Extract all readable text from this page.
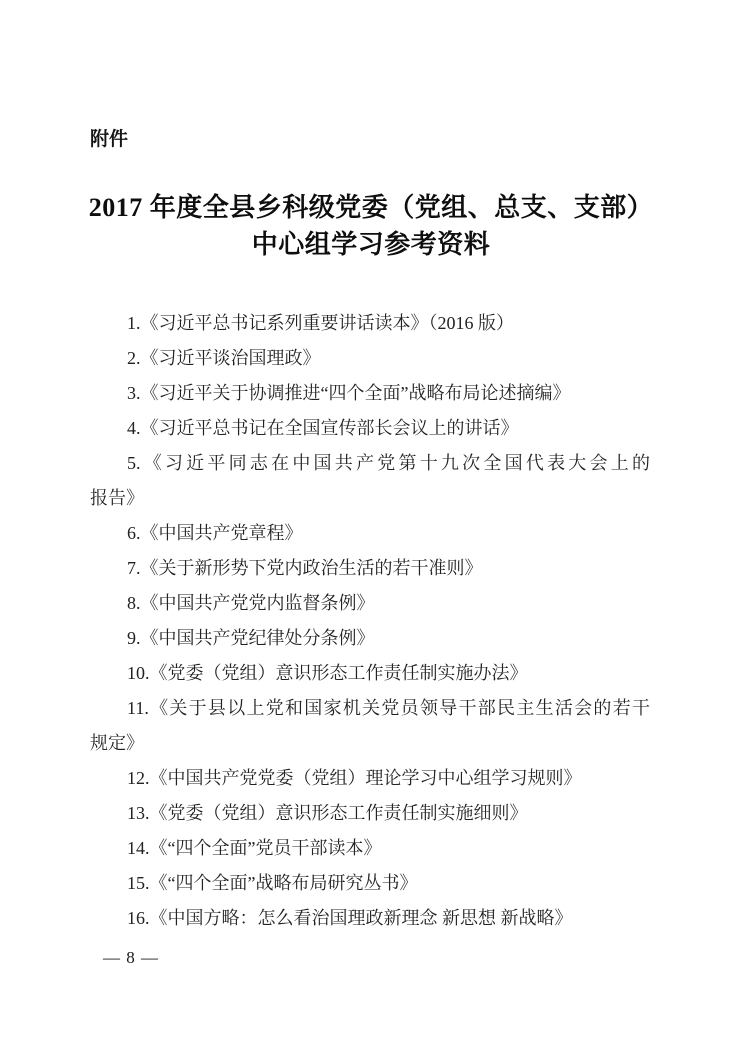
附件
2017 年度全县乡科级党委（党组、总支、支部）
中心组学习参考资料
1.《习近平总书记系列重要讲话读本》（2016 版）
2.《习近平谈治国理政》
3.《习近平关于协调推进“四个全面”战略布局论述摘编》
4.《习近平总书记在全国宣传部长会议上的讲话》
5.《习近平同志在中国共产党第十九次全国代表大会上的
报告》
6.《中国共产党章程》
7.《关于新形势下党内政治生活的若干准则》
8.《中国共产党党内监督条例》
9.《中国共产党纪律处分条例》
10.《党委（党组）意识形态工作责任制实施办法》
11.《关于县以上党和国家机关党员领导干部民主生活会的若干
规定》
12.《中国共产党党委（党组）理论学习中心组学习规则》
13.《党委（党组）意识形态工作责任制实施细则》
14.《“四个全面”党员干部读本》
15.《“四个全面”战略布局研究丛书》
16.《中国方略：怎么看治国理政新理念 新思想 新战略》
— 8 —
